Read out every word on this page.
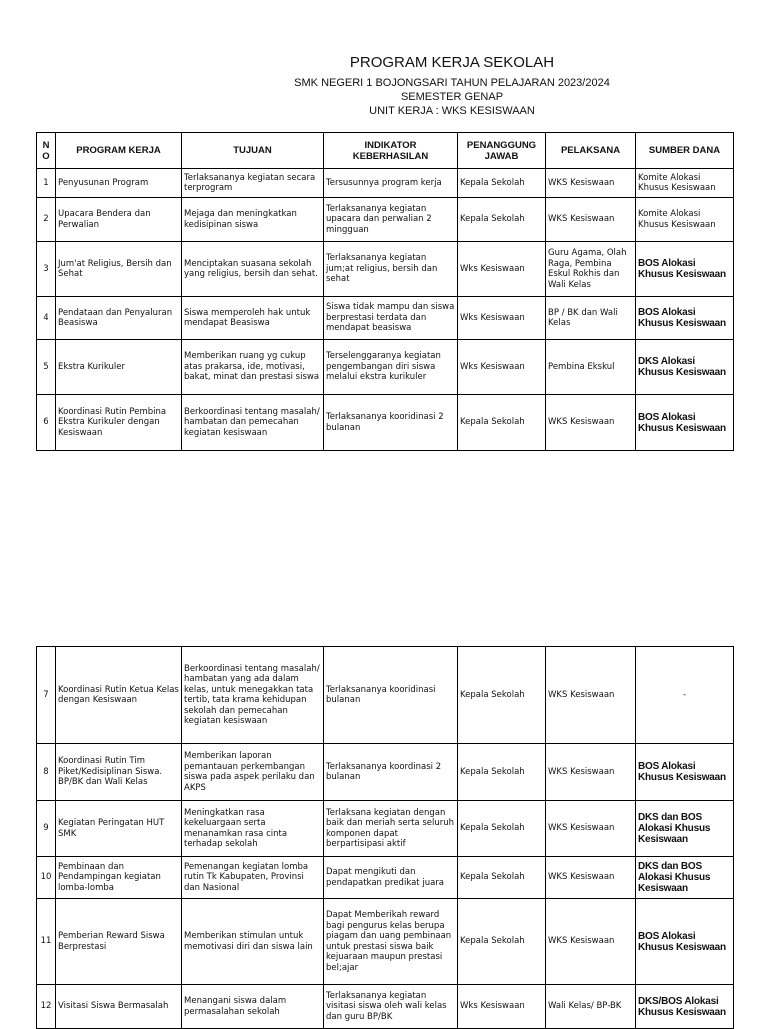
PROGRAM KERJA SEKOLAH
SMK NEGERI 1 BOJONGSARI TAHUN PELAJARAN 2023/2024
SEMESTER GENAP
UNIT KERJA : WKS KESISWAAN
NO	PROGRAM KERJA	TUJUAN	INDIKATOR KEBERHASILAN	PENANGGUNG JAWAB	PELAKSANA	SUMBER DANA
1	Penyusunan Program	Terlaksananya kegiatan secara terprogram	Tersusunnya program kerja	Kepala Sekolah	WKS Kesiswaan	Komite Alokasi Khusus Kesiswaan
2	Upacara Bendera dan Perwalian	Mejaga dan meningkatkan kedisipinan siswa	Terlaksananya kegiatan upacara dan perwalian 2 mingguan	Kepala Sekolah	WKS Kesiswaan	Komite Alokasi Khusus Kesiswaan
3	Jum'at Religius, Bersih dan Sehat	Menciptakan suasana sekolah yang religius, bersih dan sehat.	Terlaksananya kegiatan jum;at religius, bersih dan sehat	Wks Kesiswaan	Guru Agama, Olah Raga, Pembina Eskul Rokhis dan Wali Kelas	BOS Alokasi Khusus Kesiswaan
4	Pendataan dan Penyaluran Beasiswa	Siswa memperoleh hak untuk mendapat Beasiswa	Siswa tidak mampu dan siswa berprestasi terdata dan mendapat beasiswa	Wks Kesiswaan	BP / BK dan Wali Kelas	BOS Alokasi Khusus Kesiswaan
5	Ekstra Kurikuler	Memberikan ruang yg cukup atas prakarsa, ide, motivasi, bakat, minat dan prestasi siswa	Terselenggaranya kegiatan pengembangan diri siswa melalui ekstra kurikuler	Wks Kesiswaan	Pembina Ekskul	DKS Alokasi Khusus Kesiswaan
6	Koordinasi Rutin Pembina Ekstra Kurikuler dengan Kesiswaan	Berkoordinasi tentang masalah/ hambatan dan pemecahan kegiatan kesiswaan	Terlaksananya kooridinasi 2 bulanan	Kepala Sekolah	WKS Kesiswaan	BOS Alokasi Khusus Kesiswaan
7	Koordinasi Rutin Ketua Kelas dengan Kesiswaan	Berkoordinasi tentang masalah/ hambatan yang ada dalam kelas, untuk menegakkan tata tertib, tata krama kehidupan sekolah dan pemecahan kegiatan kesiswaan	Terlaksananya kooridinasi bulanan	Kepala Sekolah	WKS Kesiswaan	-
8	Koordinasi Rutin Tim Piket/Kedisiplinan Siswa. BP/BK dan Wali Kelas	Memberikan laporan pemantauan perkembangan siswa pada aspek perilaku dan AKPS	Terlaksananya koordinasi 2 bulanan	Kepala Sekolah	WKS Kesiswaan	BOS Alokasi Khusus Kesiswaan
9	Kegiatan Peringatan HUT SMK	Meningkatkan rasa kekeluargaan serta menanamkan rasa cinta terhadap sekolah	Terlaksana kegiatan dengan baik dan meriah serta seluruh komponen dapat berpartisipasi aktif	Kepala Sekolah	WKS Kesiswaan	DKS dan BOS Alokasi Khusus Kesiswaan
10	Pembinaan dan Pendampingan kegiatan lomba-lomba	Pemenangan kegiatan lomba rutin Tk Kabupaten, Provinsi dan Nasional	Dapat mengikuti dan pendapatkan predikat juara	Kepala Sekolah	WKS Kesiswaan	DKS dan BOS Alokasi Khusus Kesiswaan
11	Pemberian Reward Siswa Berprestasi	Memberikan stimulan untuk memotivasi diri dan siswa lain	Dapat Memberikah reward bagi pengurus kelas berupa piagam dan uang pembinaan untuk prestasi siswa baik kejuaraan maupun prestasi bel;ajar	Kepala Sekolah	WKS Kesiswaan	BOS Alokasi Khusus Kesiswaan
12	Visitasi Siswa Bermasalah	Menangani siswa dalam permasalahan sekolah	Terlaksananya kegiatan visitasi siswa oleh wali kelas dan guru BP/BK	Wks Kesiswaan	Wali Kelas/ BP-BK	DKS/BOS Alokasi Khusus Kesiswaan
